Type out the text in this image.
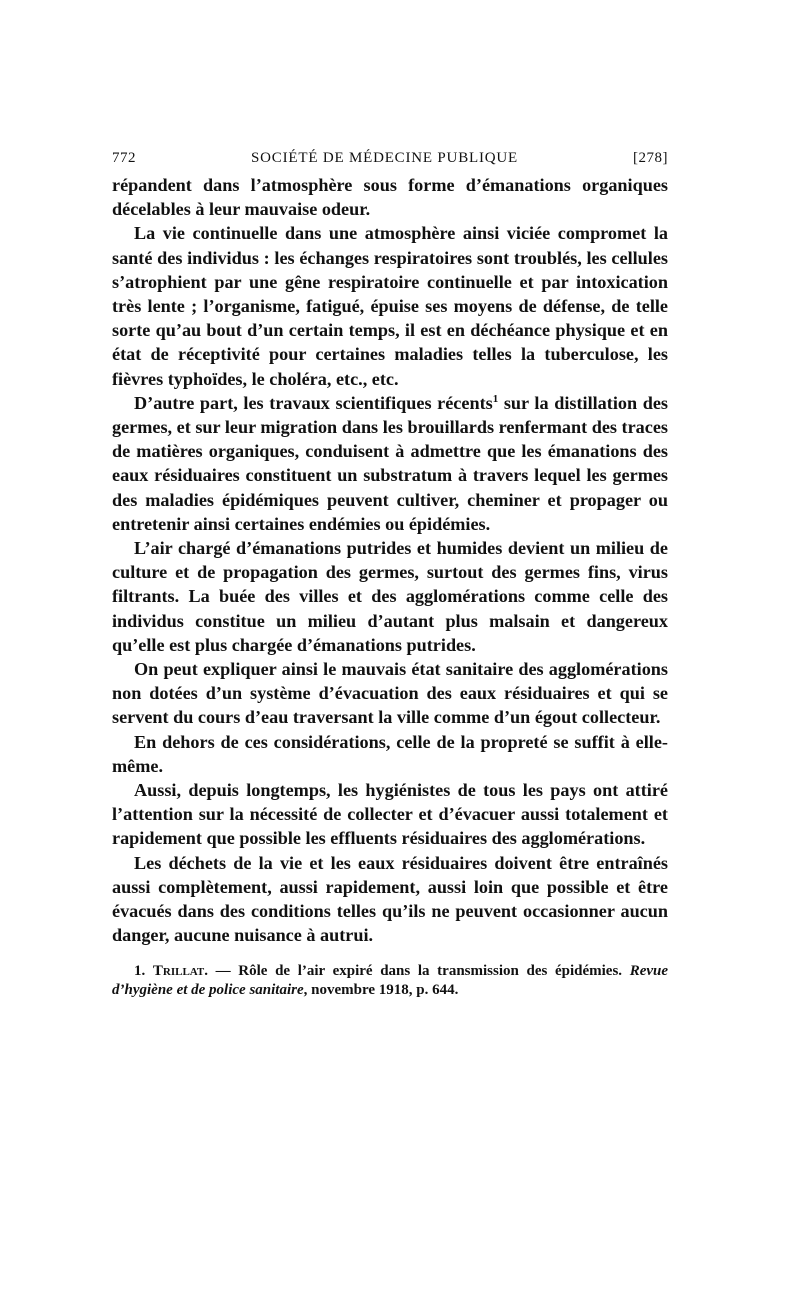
772	SOCIÉTÉ DE MÉDECINE PUBLIQUE	[278]

répandent dans l’atmosphère sous forme d’émanations organiques décelables à leur mauvaise odeur.

La vie continuelle dans une atmosphère ainsi viciée compromet la santé des individus : les échanges respiratoires sont troublés, les cellules s’atrophient par une gêne respiratoire continuelle et par intoxication très lente ; l’organisme, fatigué, épuise ses moyens de défense, de telle sorte qu’au bout d’un certain temps, il est en déchéance physique et en état de réceptivité pour certaines maladies telles la tuberculose, les fièvres typhoïdes, le choléra, etc., etc.

D’autre part, les travaux scientifiques récents$^1$ sur la distillation des germes, et sur leur migration dans les brouillards renfermant des traces de matières organiques, conduisent à admettre que les émanations des eaux résiduaires constituent un substratum à travers lequel les germes des maladies épidémiques peuvent cultiver, cheminer et propager ou entretenir ainsi certaines endémies ou épidémies.

L’air chargé d’émanations putrides et humides devient un milieu de culture et de propagation des germes, surtout des germes fins, virus filtrants. La buée des villes et des agglomérations comme celle des individus constitue un milieu d’autant plus malsain et dangereux qu’elle est plus chargée d’émanations putrides.

On peut expliquer ainsi le mauvais état sanitaire des agglomérations non dotées d’un système d’évacuation des eaux résiduaires et qui se servent du cours d’eau traversant la ville comme d’un égout collecteur.

En dehors de ces considérations, celle de la propreté se suffit à elle-même.

Aussi, depuis longtemps, les hygiénistes de tous les pays ont attiré l’attention sur la nécessité de collecter et d’évacuer aussi totalement et rapidement que possible les effluents résiduaires des agglomérations.

Les déchets de la vie et les eaux résiduaires doivent être entraînés aussi complètement, aussi rapidement, aussi loin que possible et être évacués dans des conditions telles qu’ils ne peuvent occasionner aucun danger, aucune nuisance à autrui.

1. Trillat. — Rôle de l’air expiré dans la transmission des épidémies. Revue d’hygiène et de police sanitaire, novembre 1918, p. 644.
